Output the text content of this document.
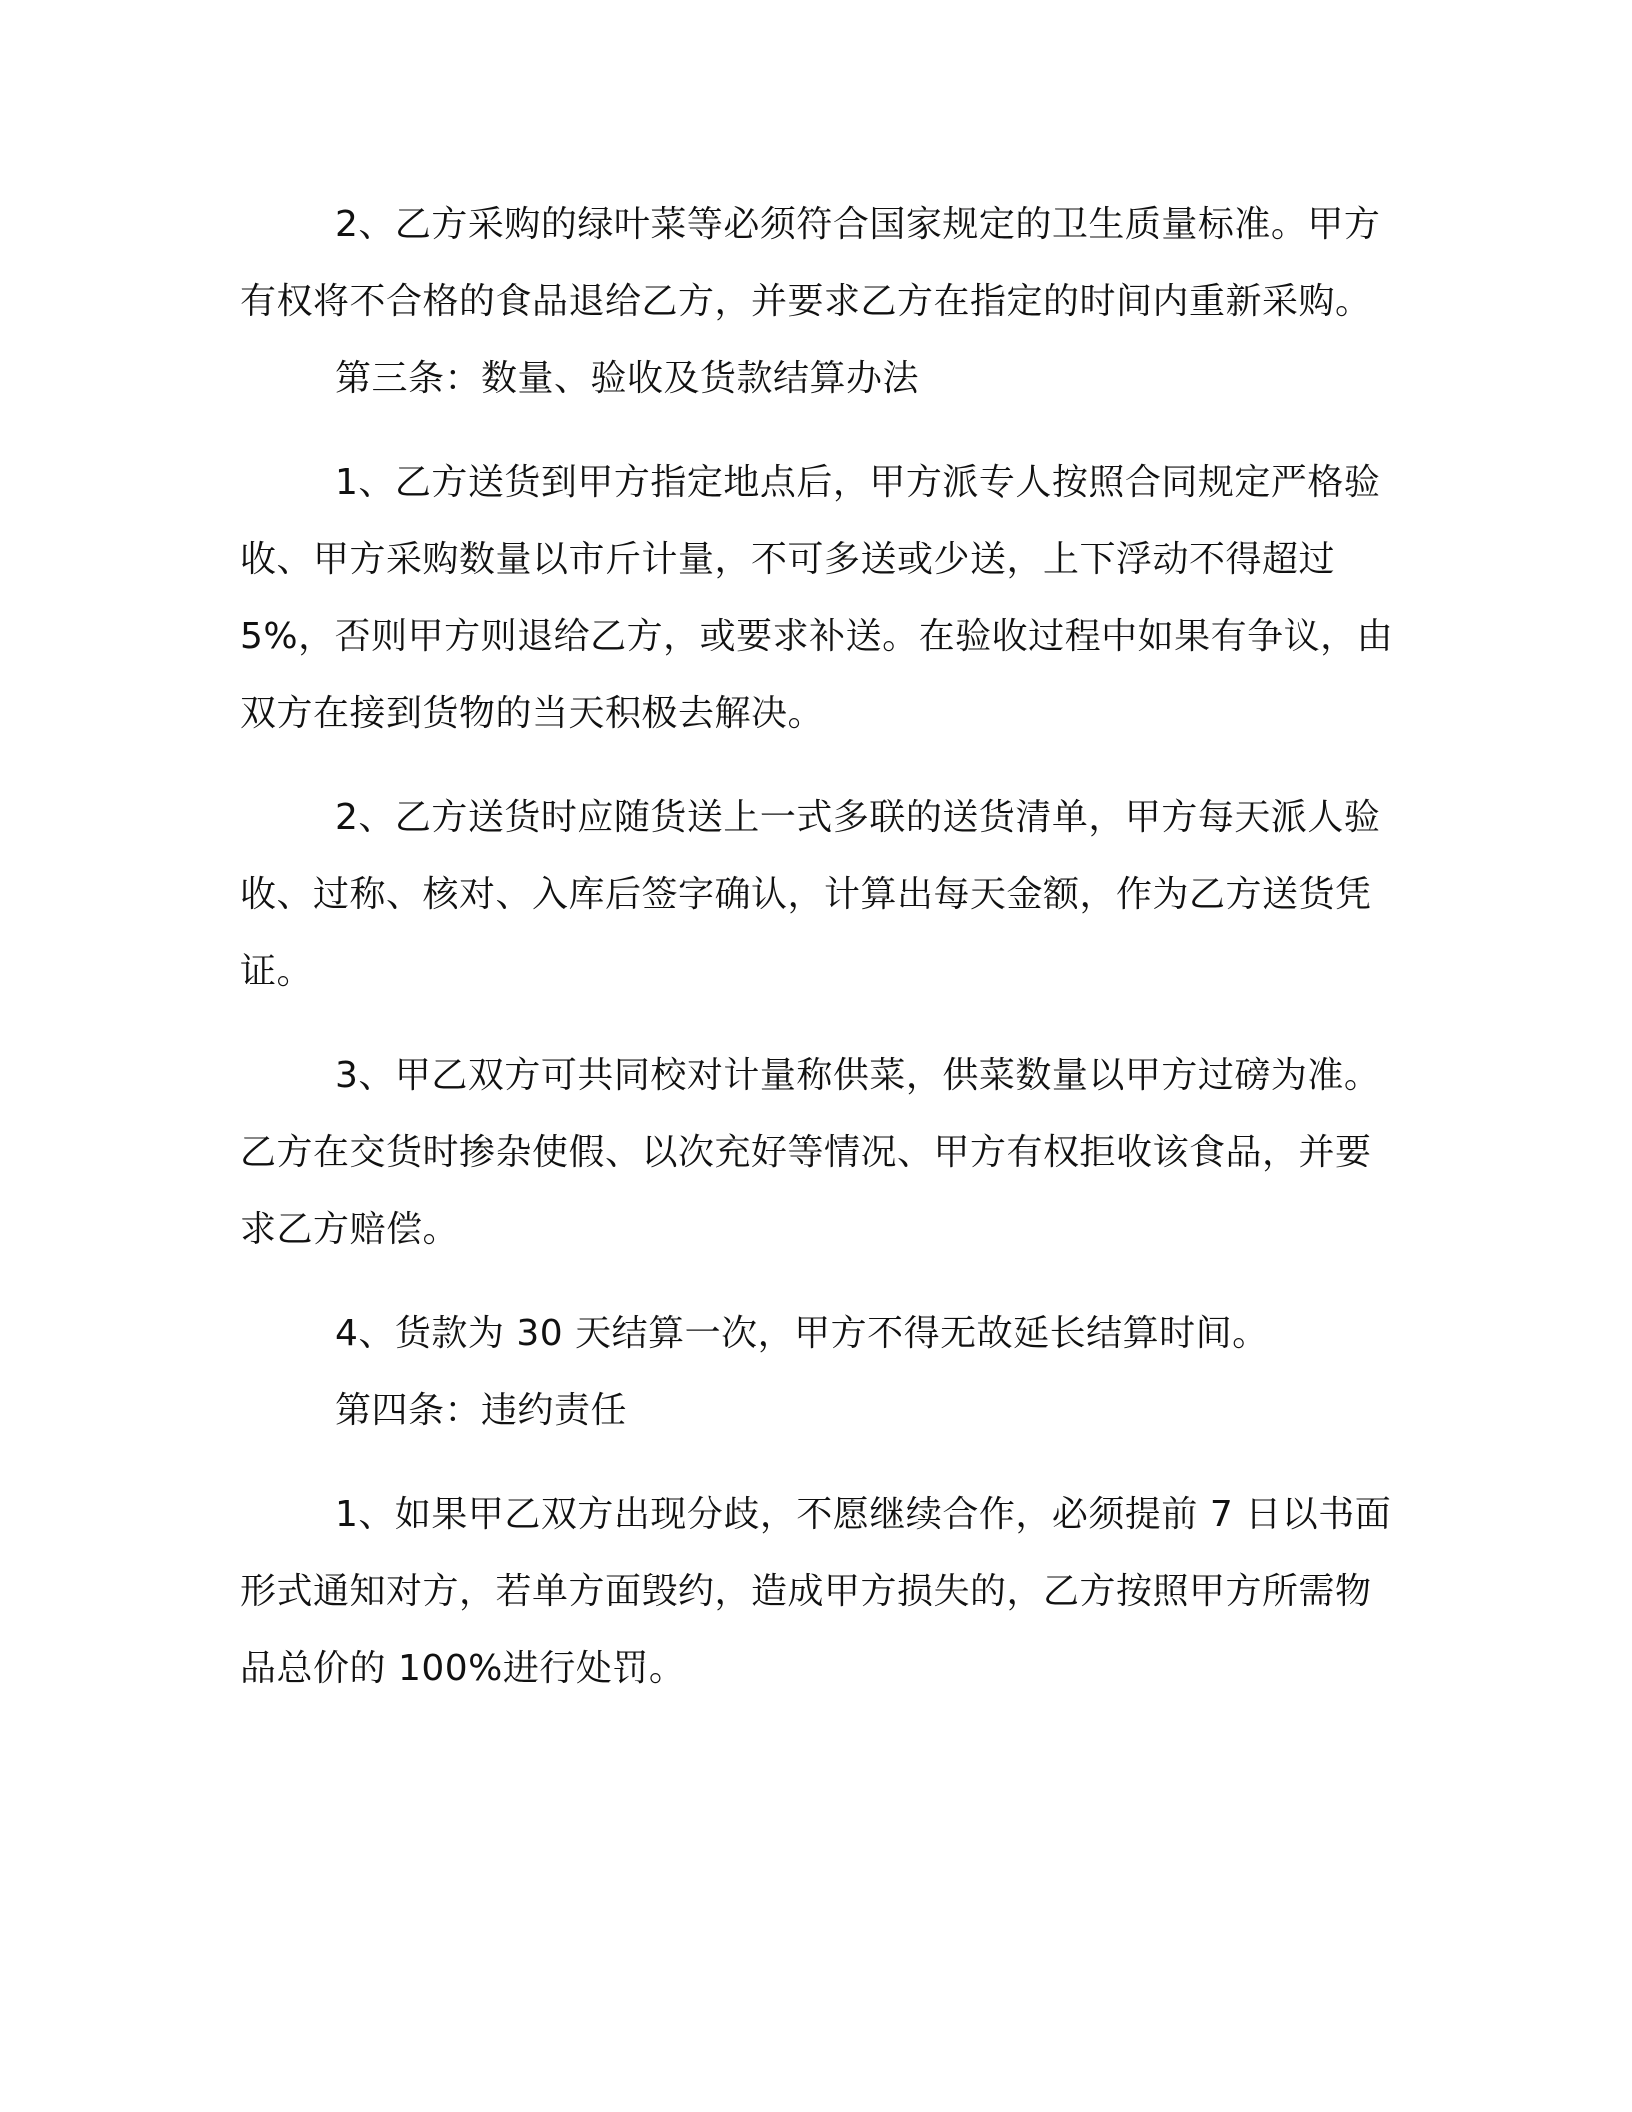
2、乙方采购的绿叶菜等必须符合国家规定的卫生质量标准。甲方有权将不合格的食品退给乙方，并要求乙方在指定的时间内重新采购。

第三条：数量、验收及货款结算办法

1、乙方送货到甲方指定地点后，甲方派专人按照合同规定严格验收、甲方采购数量以市斤计量，不可多送或少送，上下浮动不得超过 5%，否则甲方则退给乙方，或要求补送。在验收过程中如果有争议，由双方在接到货物的当天积极去解决。

2、乙方送货时应随货送上一式多联的送货清单，甲方每天派人验收、过称、核对、入库后签字确认，计算出每天金额，作为乙方送货凭证。

3、甲乙双方可共同校对计量称供菜，供菜数量以甲方过磅为准。乙方在交货时掺杂使假、以次充好等情况、甲方有权拒收该食品，并要求乙方赔偿。

4、货款为 30 天结算一次，甲方不得无故延长结算时间。

第四条：违约责任

1、如果甲乙双方出现分歧，不愿继续合作，必须提前 7 日以书面形式通知对方，若单方面毁约，造成甲方损失的，乙方按照甲方所需物品总价的 100%进行处罚。
